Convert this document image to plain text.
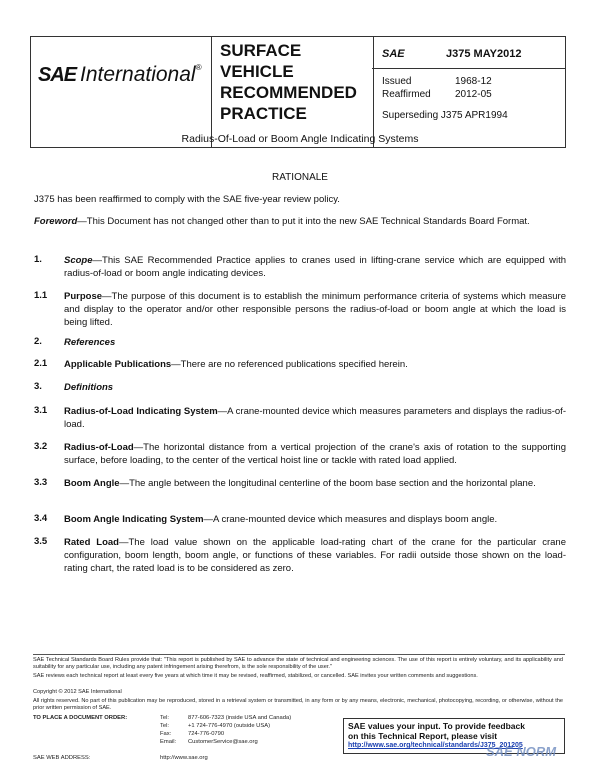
SAE International®
SURFACE
VEHICLE
RECOMMENDED
PRACTICE
SAE	J375 MAY2012
Issued	1968-12
Reaffirmed 2012-05
Superseding J375 APR1994
Radius-Of-Load or Boom Angle Indicating Systems
RATIONALE
J375 has been reaffirmed to comply with the SAE five-year review policy.
Foreword—This Document has not changed other than to put it into the new SAE Technical Standards Board Format.
1. Scope—This SAE Recommended Practice applies to cranes used in lifting-crane service which are equipped with radius-of-load or boom angle indicating devices.
1.1 Purpose—The purpose of this document is to establish the minimum performance criteria of systems which measure and display to the operator and/or other responsible persons the radius-of-load or boom angle at which the load is being lifted.
2. References
2.1 Applicable Publications—There are no referenced publications specified herein.
3. Definitions
3.1 Radius-of-Load Indicating System—A crane-mounted device which measures parameters and displays the radius-of-load.
3.2 Radius-of-Load—The horizontal distance from a vertical projection of the crane's axis of rotation to the supporting surface, before loading, to the center of the vertical hoist line or tackle with rated load applied.
3.3 Boom Angle—The angle between the longitudinal centerline of the boom base section and the horizontal plane.
3.4 Boom Angle Indicating System—A crane-mounted device which measures and displays boom angle.
3.5 Rated Load—The load value shown on the applicable load-rating chart of the crane for the particular crane configuration, boom length, boom angle, or functions of these variables. For radii outside those shown on the load-rating chart, the rated load is to be considered as zero.
SAE Technical Standards Board Rules provide that: "This report is published by SAE to advance the state of technical and engineering sciences. The use of this report is entirely voluntary, and its applicability and suitability for any particular use, including any patent infringement arising therefrom, is the sole responsibility of the user."
SAE reviews each technical report at least every five years at which time it may be revised, reaffirmed, stabilized, or cancelled. SAE invites your written comments and suggestions.
Copyright © 2012 SAE International
All rights reserved. No part of this publication may be reproduced, stored in a retrieval system or transmitted, in any form or by any means, electronic, mechanical, photocopying, recording, or otherwise, without the prior written permission of SAE.
TO PLACE A DOCUMENT ORDER:	Tel:	877-606-7323 (inside USA and Canada)
Tel:	+1 724-776-4970 (outside USA)
Fax:	724-776-0790
Email: CustomerService@sae.org
SAE WEB ADDRESS:	http://www.sae.org
SAE values your input. To provide feedback
on this Technical Report, please visit
http://www.sae.org/technical/standards/J375_201205
SAE NORM
